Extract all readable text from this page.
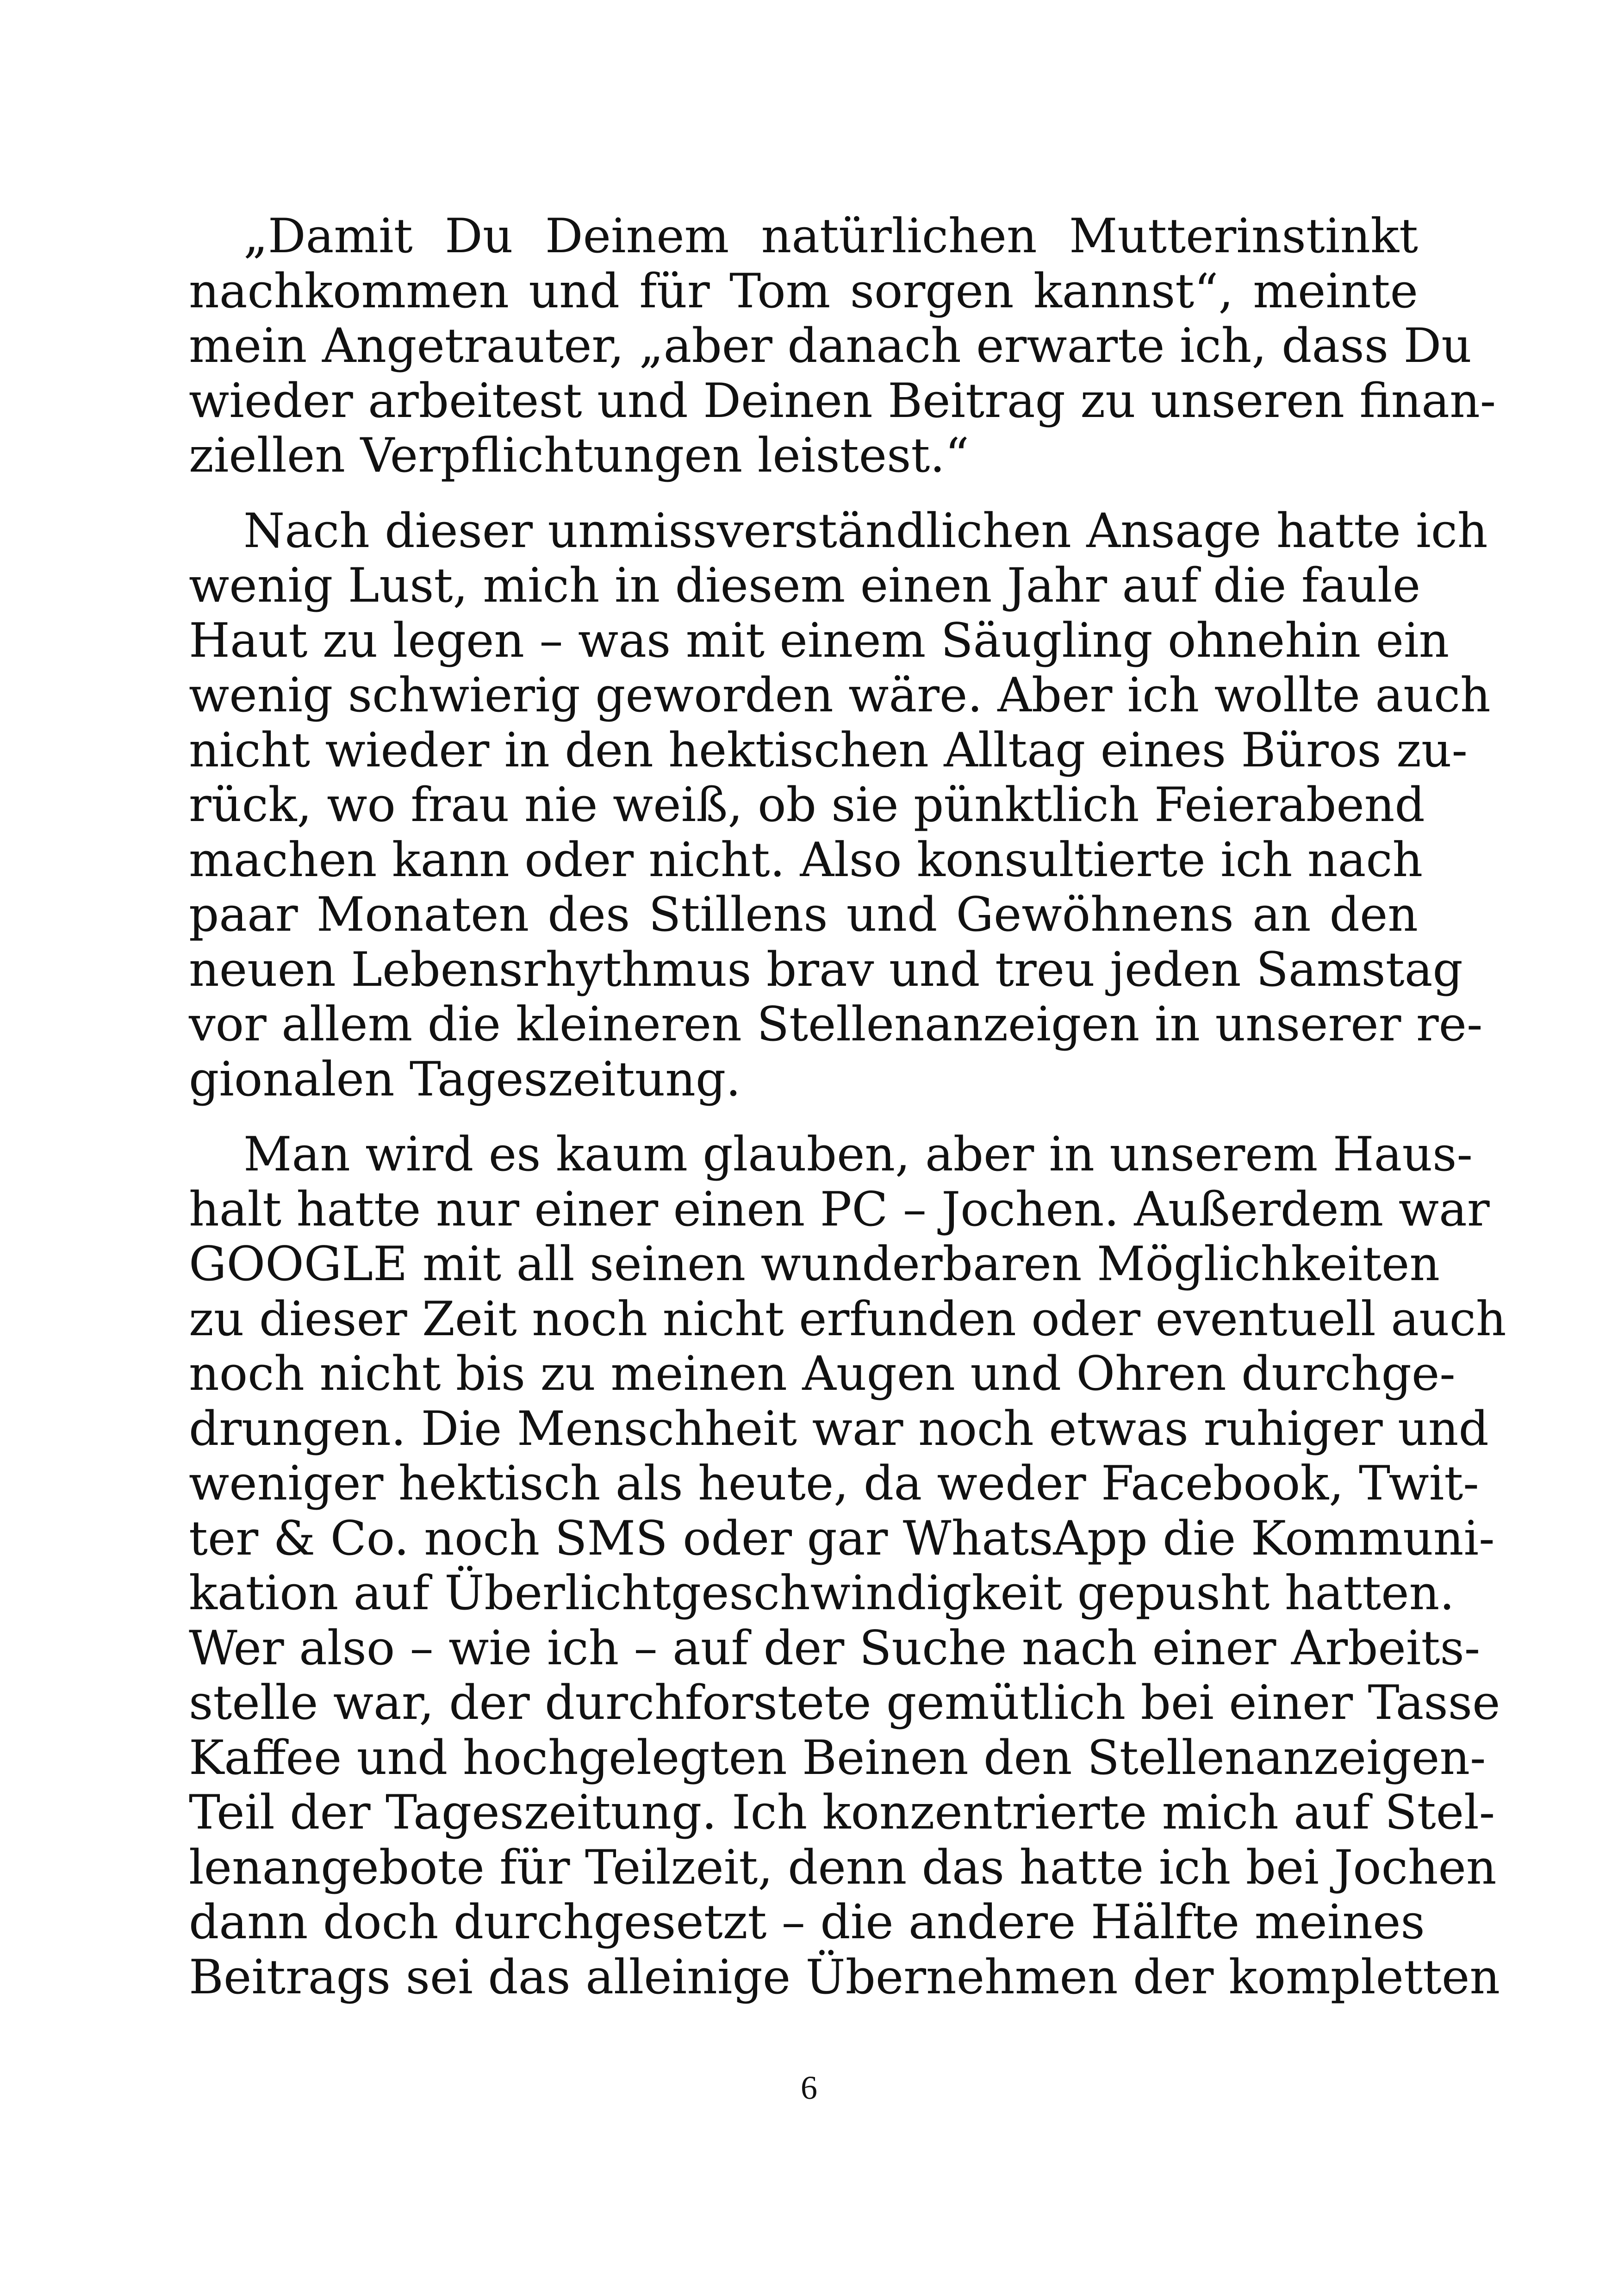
„Damit Du Deinem natürlichen Mutterinstinkt
nachkommen und für Tom sorgen kannst“, meinte
mein Angetrauter, „aber danach erwarte ich, dass Du
wieder arbeitest und Deinen Beitrag zu unseren finan-
ziellen Verpflichtungen leistest.“
Nach dieser unmissverständlichen Ansage hatte ich
wenig Lust, mich in diesem einen Jahr auf die faule
Haut zu legen – was mit einem Säugling ohnehin ein
wenig schwierig geworden wäre. Aber ich wollte auch
nicht wieder in den hektischen Alltag eines Büros zu-
rück, wo frau nie weiß, ob sie pünktlich Feierabend
machen kann oder nicht. Also konsultierte ich nach
paar Monaten des Stillens und Gewöhnens an den
neuen Lebensrhythmus brav und treu jeden Samstag
vor allem die kleineren Stellenanzeigen in unserer re-
gionalen Tageszeitung.
Man wird es kaum glauben, aber in unserem Haus-
halt hatte nur einer einen PC – Jochen. Außerdem war
GOOGLE mit all seinen wunderbaren Möglichkeiten
zu dieser Zeit noch nicht erfunden oder eventuell auch
noch nicht bis zu meinen Augen und Ohren durchge-
drungen. Die Menschheit war noch etwas ruhiger und
weniger hektisch als heute, da weder Facebook, Twit-
ter & Co. noch SMS oder gar WhatsApp die Kommuni-
kation auf Überlichtgeschwindigkeit gepusht hatten.
Wer also – wie ich – auf der Suche nach einer Arbeits-
stelle war, der durchforstete gemütlich bei einer Tasse
Kaffee und hochgelegten Beinen den Stellenanzeigen-
Teil der Tageszeitung. Ich konzentrierte mich auf Stel-
lenangebote für Teilzeit, denn das hatte ich bei Jochen
dann doch durchgesetzt – die andere Hälfte meines
Beitrags sei das alleinige Übernehmen der kompletten
6
